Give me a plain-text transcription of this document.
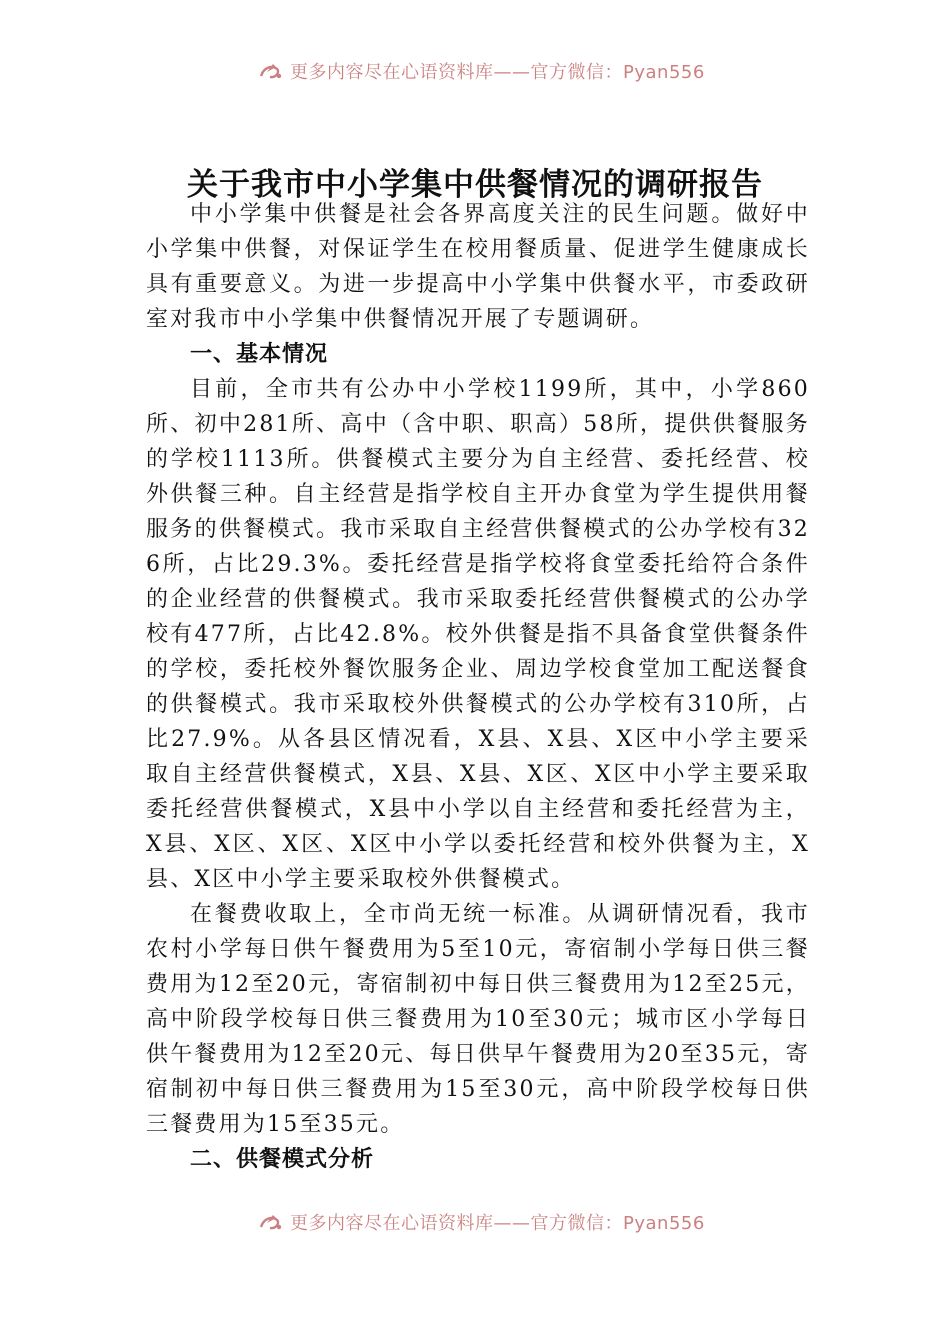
更多内容尽在心语资料库——官方微信：Pyan556
关于我市中小学集中供餐情况的调研报告

中小学集中供餐是社会各界高度关注的民生问题。做好中小学集中供餐，对保证学生在校用餐质量、促进学生健康成长具有重要意义。为进一步提高中小学集中供餐水平，市委政研室对我市中小学集中供餐情况开展了专题调研。

一、基本情况

目前，全市共有公办中小学校1199所，其中，小学860所、初中281所、高中（含中职、职高）58所，提供供餐服务的学校1113所。供餐模式主要分为自主经营、委托经营、校外供餐三种。自主经营是指学校自主开办食堂为学生提供用餐服务的供餐模式。我市采取自主经营供餐模式的公办学校有326所，占比29.3%。委托经营是指学校将食堂委托给符合条件的企业经营的供餐模式。我市采取委托经营供餐模式的公办学校有477所，占比42.8%。校外供餐是指不具备食堂供餐条件的学校，委托校外餐饮服务企业、周边学校食堂加工配送餐食的供餐模式。我市采取校外供餐模式的公办学校有310所，占比27.9%。从各县区情况看，X县、X县、X区中小学主要采取自主经营供餐模式，X县、X县、X区、X区中小学主要采取委托经营供餐模式，X县中小学以自主经营和委托经营为主，X县、X区、X区、X区中小学以委托经营和校外供餐为主，X县、X区中小学主要采取校外供餐模式。

在餐费收取上，全市尚无统一标准。从调研情况看，我市农村小学每日供午餐费用为5至10元，寄宿制小学每日供三餐费用为12至20元，寄宿制初中每日供三餐费用为12至25元，高中阶段学校每日供三餐费用为10至30元；城市区小学每日供午餐费用为12至20元、每日供早午餐费用为20至35元，寄宿制初中每日供三餐费用为15至30元，高中阶段学校每日供三餐费用为15至35元。

二、供餐模式分析

更多内容尽在心语资料库——官方微信：Pyan556
